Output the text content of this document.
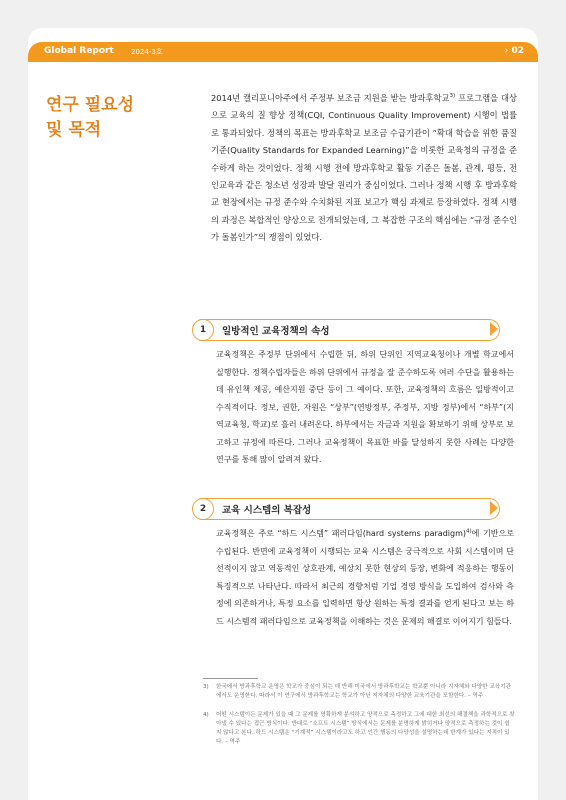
Global Report 2024-3호	› 02
연구 필요성
및 목적
2014년 캘리포니아주에서 주정부 보조금 지원을 받는 방과후학교$^{3)}$ 프로그램을 대상으로 교육의 질 향상 정책(CQI, Continuous Quality Improvement) 시행이 법률로 통과되었다. 정책의 목표는 방과후학교 보조금 수급기관이 “확대 학습을 위한 품질 기준(Quality Standards for Expanded Learning)”을 비롯한 교육청의 규정을 준수하게 하는 것이었다. 정책 시행 전에 방과후학교 활동 기준은 돌봄, 관계, 평등, 전인교육과 같은 청소년 성장과 발달 원리가 중심이었다. 그러나 정책 시행 후 방과후학교 현장에서는 규정 준수와 수치화된 지표 보고가 핵심 과제로 등장하였다. 정책 시행의 과정은 복합적인 양상으로 전개되었는데, 그 복잡한 구조의 핵심에는 “규정 준수인가 돌봄인가”의 쟁점이 있었다.
1	일방적인 교육정책의 속성
교육정책은 주정부 단위에서 수립한 뒤, 하위 단위인 지역교육청이나 개별 학교에서 실행한다. 정책수립자들은 하위 단위에서 규정을 잘 준수하도록 여러 수단을 활용하는데 유인책 제공, 예산지원 중단 등이 그 예이다. 또한, 교육정책의 흐름은 일방적이고 수직적이다. 정보, 권한, 자원은 “상부”(연방정부, 주정부, 지방 정부)에서 “하부”(지역교육청, 학교)로 흘러 내려온다. 하부에서는 자금과 지원을 확보하기 위해 상부로 보고하고 규정에 따른다. 그러나 교육정책이 목표한 바를 달성하지 못한 사례는 다양한 연구를 통해 많이 알려져 왔다.
2	교육 시스템의 복잡성
교육정책은 주로 “하드 시스템” 패러다임(hard systems paradigm)$^{4)}$에 기반으로 수립된다. 반면에 교육정책이 시행되는 교육 시스템은 궁극적으로 사회 시스템이며 단선적이지 않고 역동적인 상호관계, 예상치 못한 현상의 등장, 변화에 적응하는 행동이 특징적으로 나타난다. 따라서 최근의 경향처럼 기업 경영 방식을 도입하여 검사와 측정에 의존하거나, 특정 요소를 입력하면 항상 원하는 특정 결과를 얻게 된다고 보는 하드 시스템적 패러다임으로 교육정책을 이해하는 것은 문제의 해결로 이어지기 힘들다.
3) 한국에서 방과후학교 운영은 학교가 중심이 되는 데 반해 미국에서 방과후학교는 학교뿐 아니라 지자체와 다양한 교육기관에서도 운영한다. 따라서 이 연구에서 방과후학교는 학교가 아닌 지자체의 다양한 교육기관을 포함한다. – 역주
4) 어떤 시스템이든 문제가 있을 때 그 문제를 명확하게 분석하고 양적으로 측정하고 그에 대한 최선의 해결책을 과학적으로 찾아낼 수 있다는 접근 방식이다. 반대로 “소프트 시스템” 방식에서는 문제를 분명하게 밝히거나 양적으로 측정하는 것이 쉽지 않다고 본다. 하드 시스템은 “기계적” 시스템이라고도 하고 인간 행동의 다양성을 설명하는데 한계가 있다는 지적이 있다. – 역주
